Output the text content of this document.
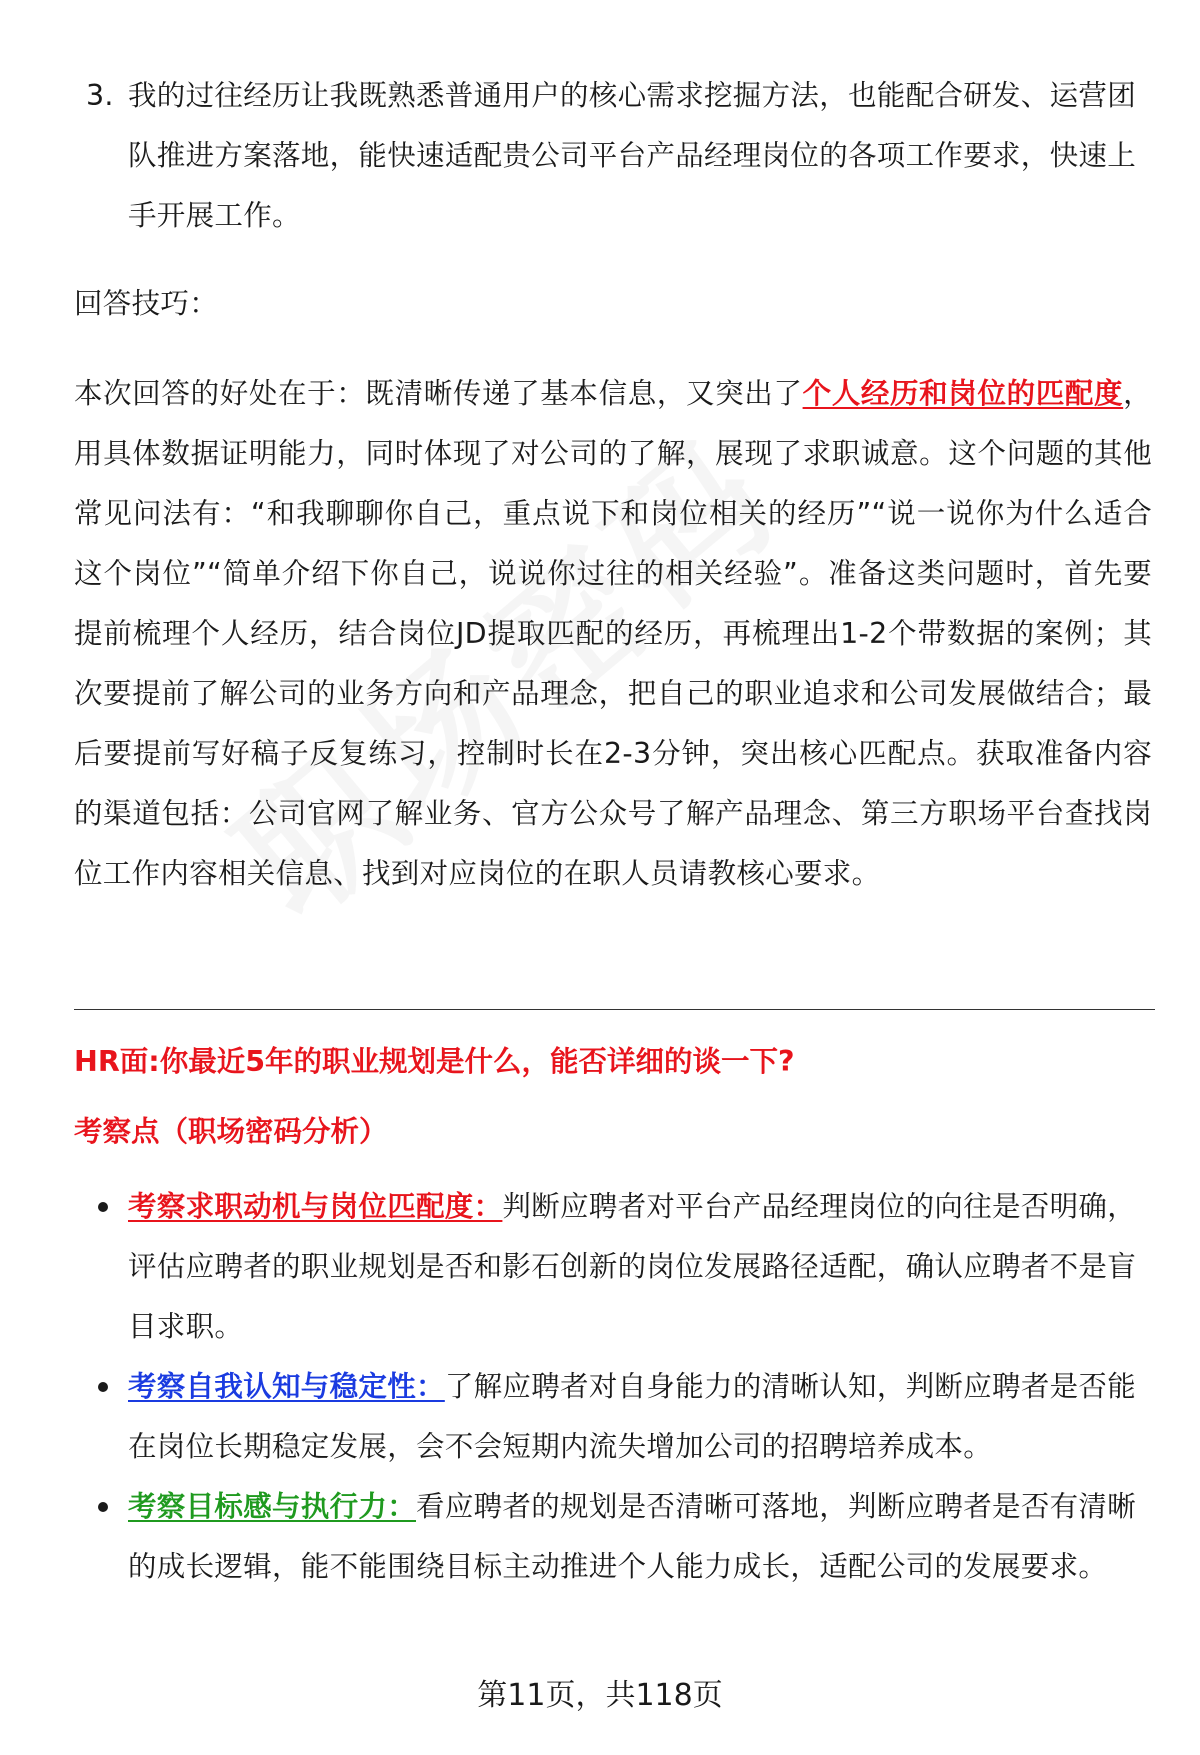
3. 我的过往经历让我既熟悉普通用户的核心需求挖掘方法，也能配合研发、运营团队推进方案落地，能快速适配贵公司平台产品经理岗位的各项工作要求，快速上手开展工作。
回答技巧：
本次回答的好处在于：既清晰传递了基本信息，又突出了个人经历和岗位的匹配度，用具体数据证明能力，同时体现了对公司的了解，展现了求职诚意。这个问题的其他常见问法有：“和我聊聊你自己，重点说下和岗位相关的经历”“说一说你为什么适合这个岗位”“简单介绍下你自己，说说你过往的相关经验”。准备这类问题时，首先要提前梳理个人经历，结合岗位JD提取匹配的经历，再梳理出1-2个带数据的案例；其次要提前了解公司的业务方向和产品理念，把自己的职业追求和公司发展做结合；最后要提前写好稿子反复练习，控制时长在2-3分钟，突出核心匹配点。获取准备内容的渠道包括：公司官网了解业务、官方公众号了解产品理念、第三方职场平台查找岗位工作内容相关信息、找到对应岗位的在职人员请教核心要求。
HR面:你最近5年的职业规划是什么，能否详细的谈一下?
考察点（职场密码分析）
考察求职动机与岗位匹配度：判断应聘者对平台产品经理岗位的向往是否明确，评估应聘者的职业规划是否和影石创新的岗位发展路径适配，确认应聘者不是盲目求职。
考察自我认知与稳定性：了解应聘者对自身能力的清晰认知，判断应聘者是否能在岗位长期稳定发展，会不会短期内流失增加公司的招聘培养成本。
考察目标感与执行力：看应聘者的规划是否清晰可落地，判断应聘者是否有清晰的成长逻辑，能不能围绕目标主动推进个人能力成长，适配公司的发展要求。
第11页，共118页
